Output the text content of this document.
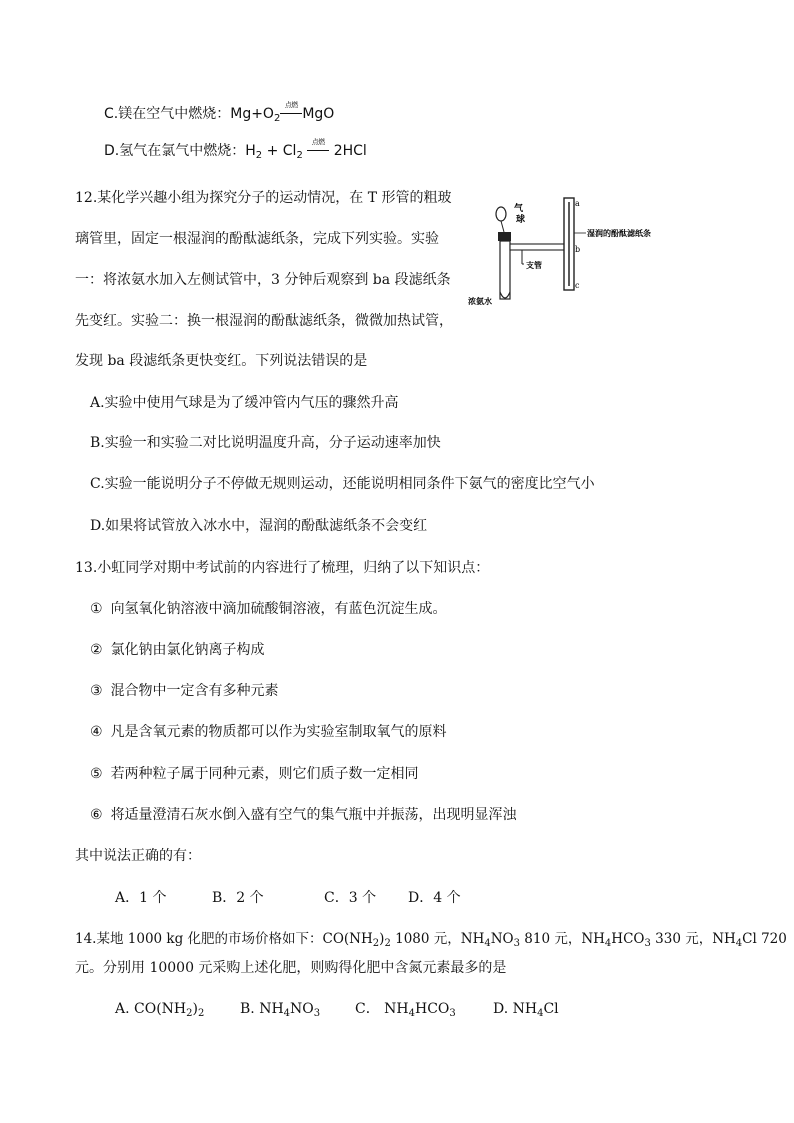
C.镁在空气中燃烧：$Mg+O_2$
点燃
MgO
D.氢气在氯气中燃烧：$H_2 + Cl_2$
点燃
2HCl
12.某化学兴趣小组为探究分子的运动情况，在 T 形管的粗玻
璃管里，固定一根湿润的酚酞滤纸条，完成下列实验。实验
一：将浓氨水加入左侧试管中，3 分钟后观察到 ba 段滤纸条
先变红。实验二：换一根湿润的酚酞滤纸条，微微加热试管，
发现 ba 段滤纸条更快变红。下列说法错误的是
气
球
浓氨水
支管
a
b
c
湿润的酚酞滤纸条
A.实验中使用气球是为了缓冲管内气压的骤然升高
B.实验一和实验二对比说明温度升高，分子运动速率加快
C.实验一能说明分子不停做无规则运动，还能说明相同条件下氨气的密度比空气小
D.如果将试管放入冰水中，湿润的酚酞滤纸条不会变红
13.小虹同学对期中考试前的内容进行了梳理，归纳了以下知识点：
① 向氢氧化钠溶液中滴加硫酸铜溶液，有蓝色沉淀生成。
② 氯化钠由氯化钠离子构成
③ 混合物中一定含有多种元素
④ 凡是含氧元素的物质都可以作为实验室制取氧气的原料
⑤ 若两种粒子属于同种元素，则它们质子数一定相同
⑥ 将适量澄清石灰水倒入盛有空气的集气瓶中并振荡，出现明显浑浊
其中说法正确的有：
A．1 个	B．2 个	C．3 个 D．4 个
14.某地 1000 kg 化肥的市场价格如下：$CO(NH_2)_2$ 1080 元，$NH_4NO_3$ 810 元，$NH_4HCO_3$ 330 元，$NH_4Cl$ 720
元。分别用 10000 元采购上述化肥，则购得化肥中含氮元素最多的是
A. $CO(NH_2)_2$	B. $NH_4NO_3$ C． $NH_4HCO_3$	D. $NH_4Cl$
